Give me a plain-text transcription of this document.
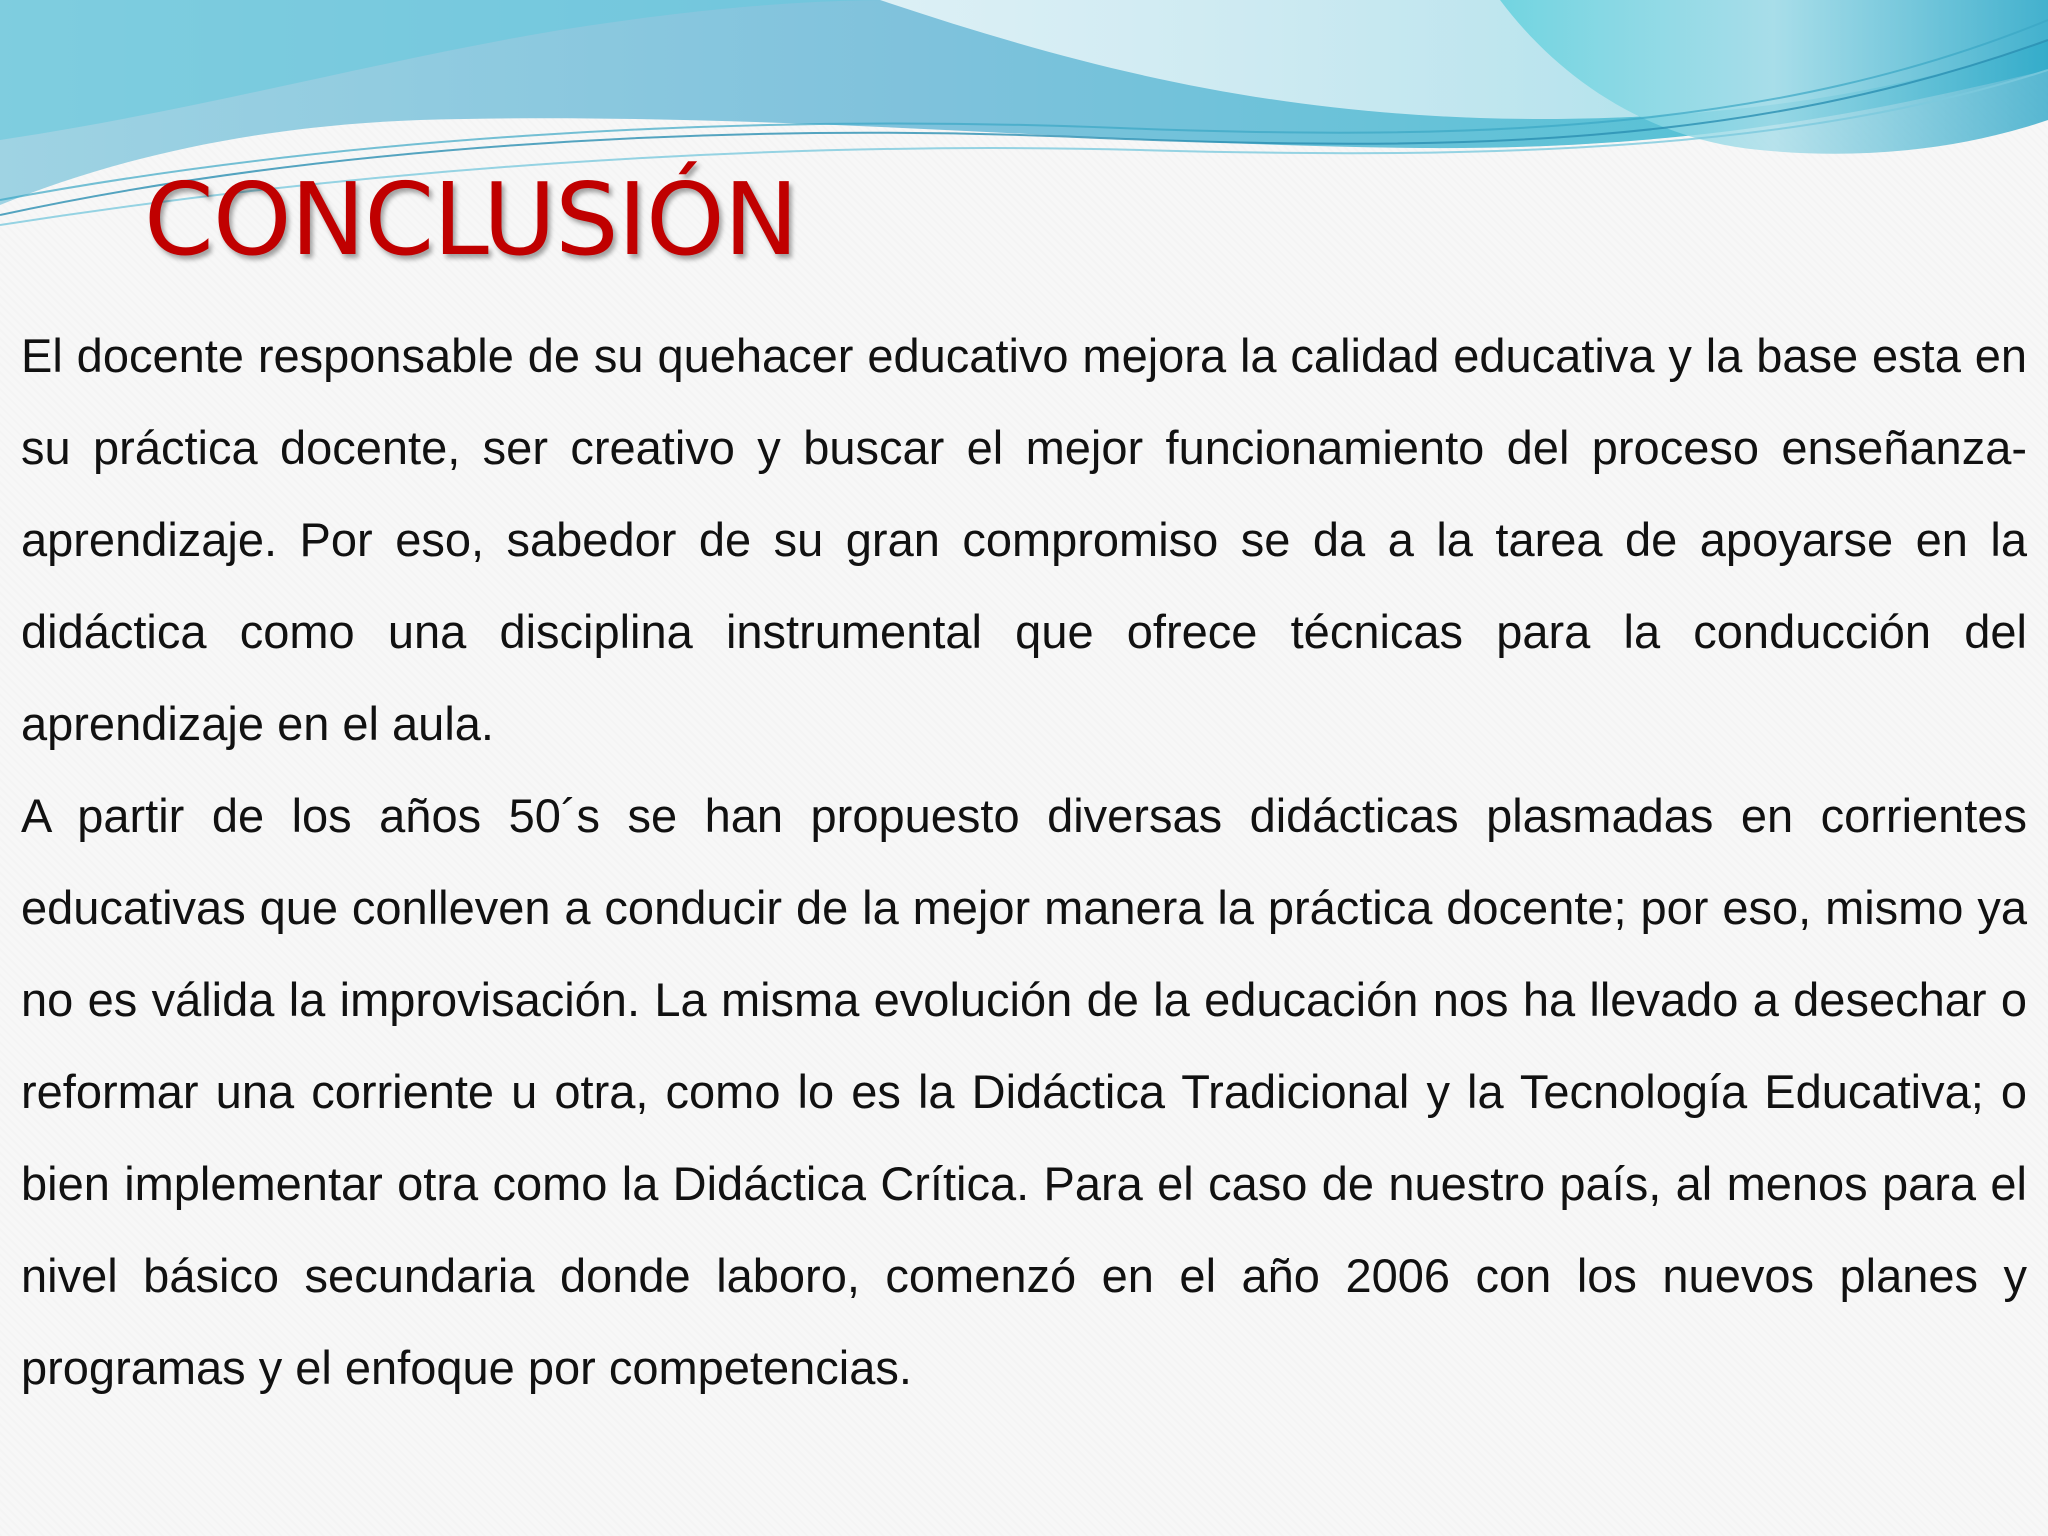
CONCLUSIÓN

El docente responsable de su quehacer educativo mejora la calidad educativa y la base esta en su práctica docente, ser creativo y buscar el mejor funcionamiento del proceso enseñanza-aprendizaje. Por eso, sabedor de su gran compromiso se da a la tarea de apoyarse en la didáctica como una disciplina instrumental que ofrece técnicas para la conducción del aprendizaje en el aula.

A partir de los años 50´s se han propuesto diversas didácticas plasmadas en corrientes educativas que conlleven a conducir de la mejor manera la práctica docente; por eso, mismo ya no es válida la improvisación. La misma evolución de la educación nos ha llevado a desechar o reformar una corriente u otra, como lo es la Didáctica Tradicional y la Tecnología Educativa; o bien implementar otra como la Didáctica Crítica. Para el caso de nuestro país, al menos para el nivel básico secundaria donde laboro, comenzó en el año 2006 con los nuevos planes y programas y el enfoque por competencias.
